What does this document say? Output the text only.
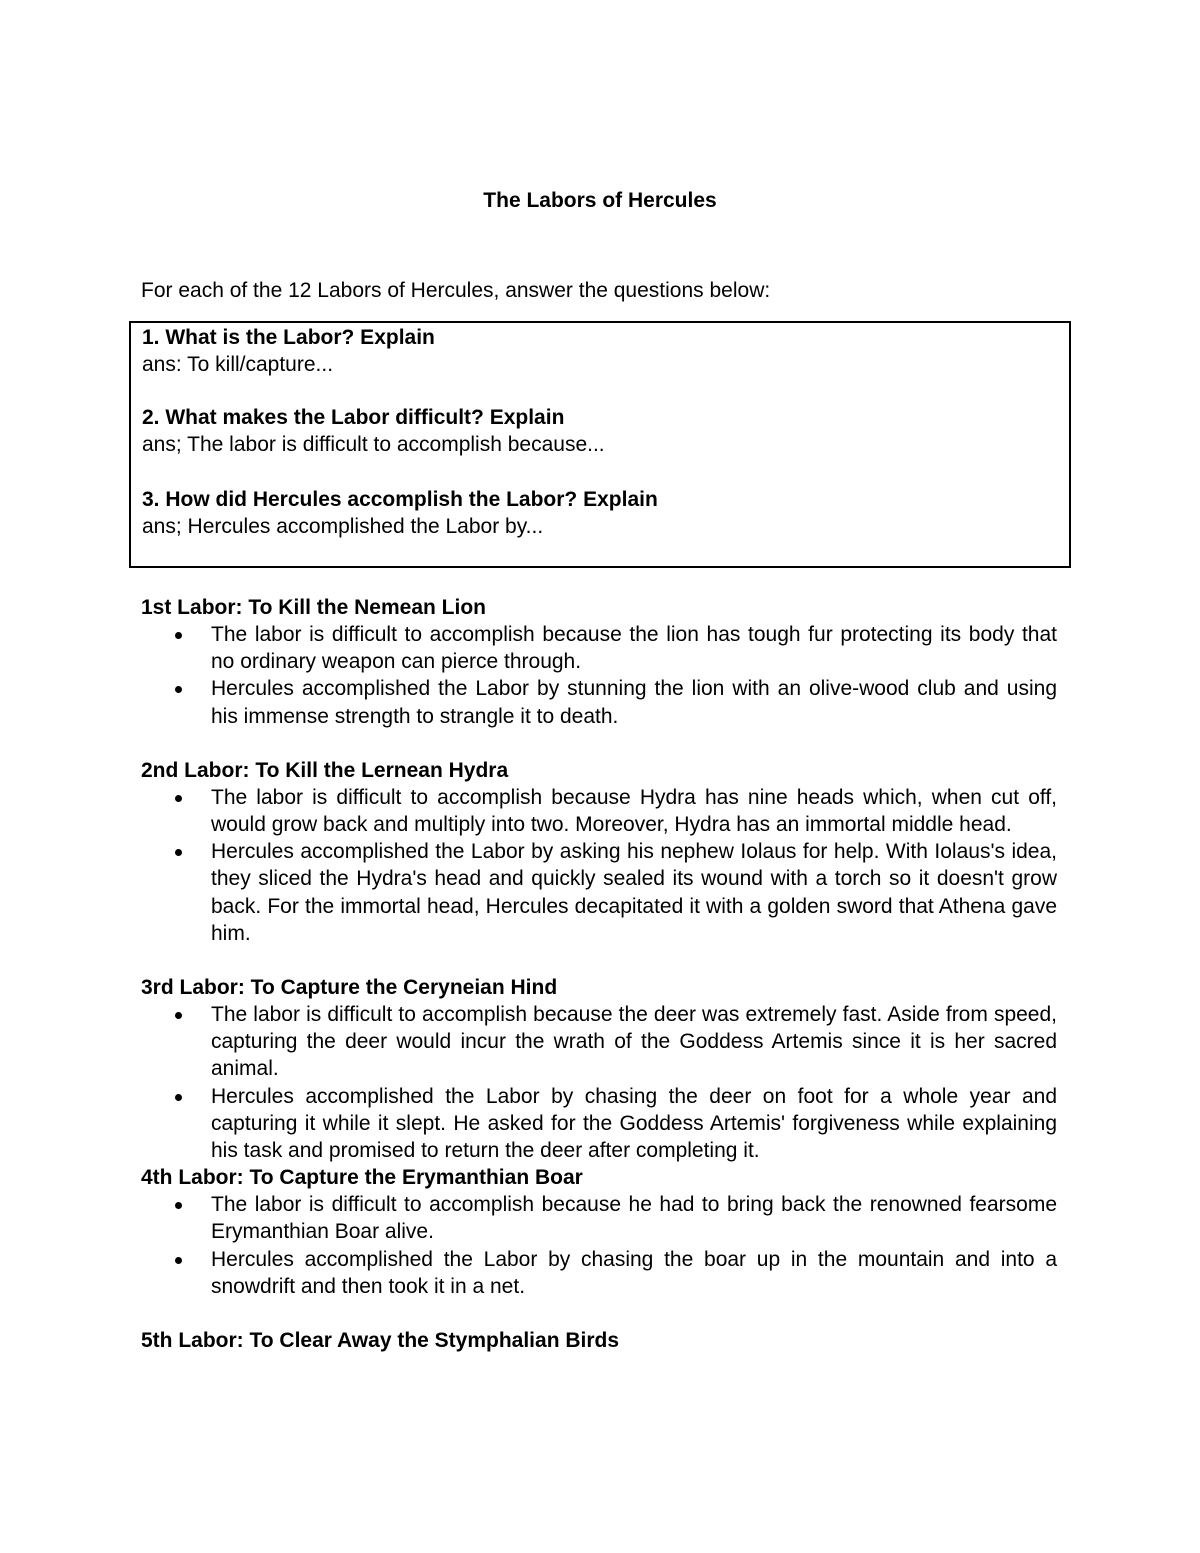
The Labors of Hercules

For each of the 12 Labors of Hercules, answer the questions below:

1. What is the Labor? Explain

ans: To kill/capture...

2. What makes the Labor difficult? Explain

ans; The labor is difficult to accomplish because...

3. How did Hercules accomplish the Labor? Explain

ans; Hercules accomplished the Labor by...

1st Labor: To Kill the Nemean Lion

The labor is difficult to accomplish because the lion has tough fur protecting its body that no ordinary weapon can pierce through.
Hercules accomplished the Labor by stunning the lion with an olive-wood club and using his immense strength to strangle it to death.

2nd Labor: To Kill the Lernean Hydra

The labor is difficult to accomplish because Hydra has nine heads which, when cut off, would grow back and multiply into two. Moreover, Hydra has an immortal middle head.
Hercules accomplished the Labor by asking his nephew Iolaus for help. With Iolaus's idea, they sliced the Hydra's head and quickly sealed its wound with a torch so it doesn't grow back. For the immortal head, Hercules decapitated it with a golden sword that Athena gave him.

3rd Labor: To Capture the Ceryneian Hind

The labor is difficult to accomplish because the deer was extremely fast. Aside from speed, capturing the deer would incur the wrath of the Goddess Artemis since it is her sacred animal.
Hercules accomplished the Labor by chasing the deer on foot for a whole year and capturing it while it slept. He asked for the Goddess Artemis' forgiveness while explaining his task and promised to return the deer after completing it.

4th Labor: To Capture the Erymanthian Boar

The labor is difficult to accomplish because he had to bring back the renowned fearsome Erymanthian Boar alive.
Hercules accomplished the Labor by chasing the boar up in the mountain and into a snowdrift and then took it in a net.

5th Labor: To Clear Away the Stymphalian Birds
